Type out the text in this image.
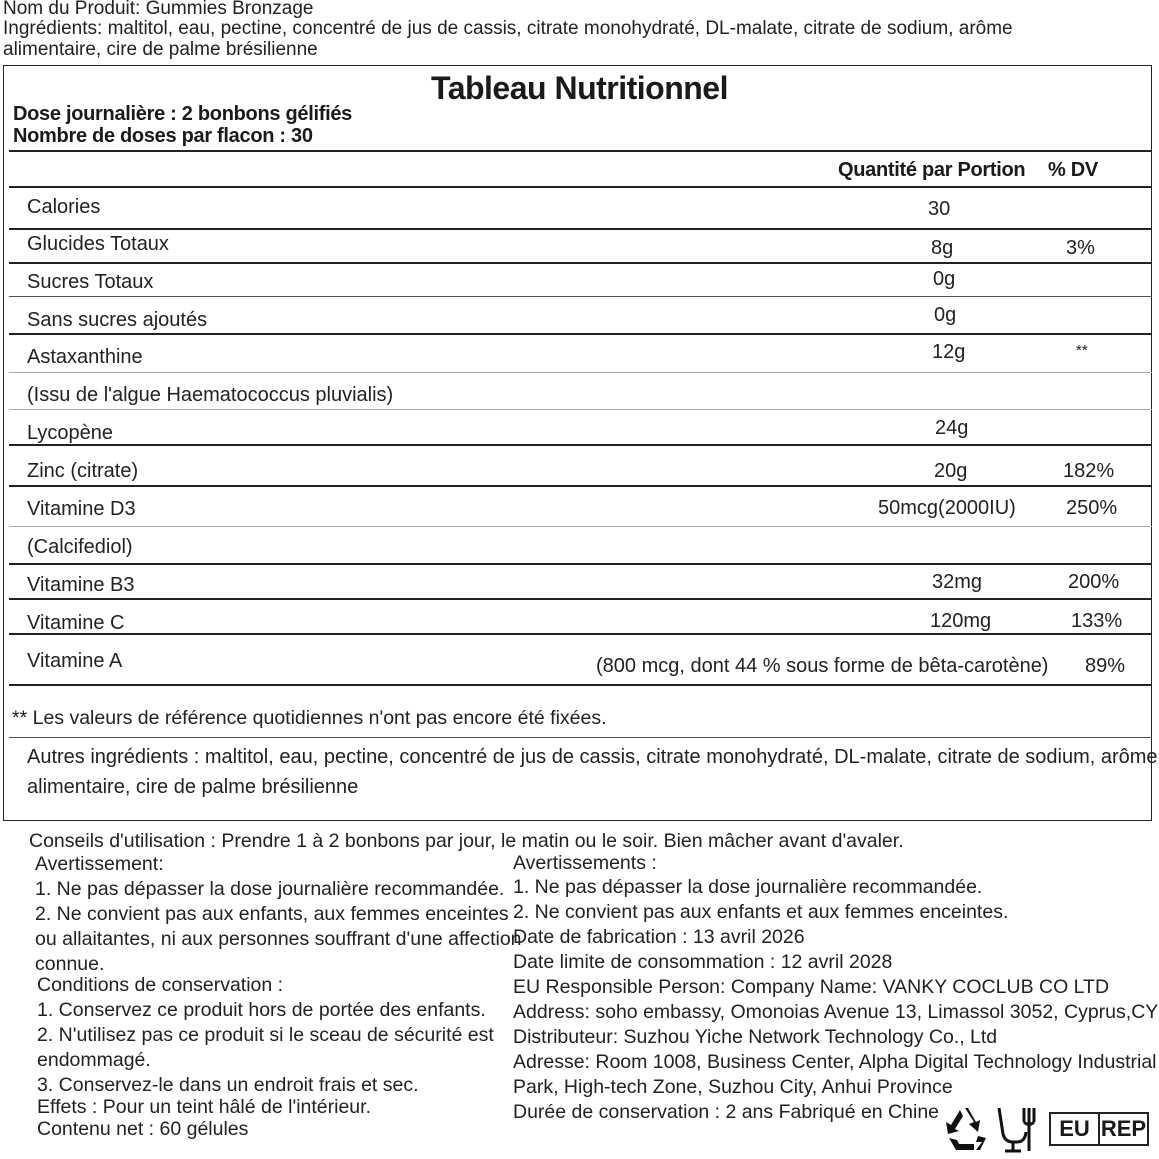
Nom du Produit: Gummies Bronzage
Ingrédients: maltitol, eau, pectine, concentré de jus de cassis, citrate monohydraté, DL-malate, citrate de sodium, arôme
alimentaire, cire de palme brésilienne
Tableau Nutritionnel
Dose journalière : 2 bonbons gélifiés
Nombre de doses par flacon : 30
Quantité par Portion % DV
Calories	30
Glucides Totaux	8g	3%
Sucres Totaux	0g
Sans sucres ajoutés	0g
Astaxanthine	12g	**
(Issu de l'algue Haematococcus pluvialis)
Lycopène	24g
Zinc (citrate)	20g	182%
Vitamine D3	50mcg(2000IU)	250%
(Calcifediol)
Vitamine B3	32mg	200%
Vitamine C	120mg	133%
Vitamine A	(800 mcg, dont 44 % sous forme de bêta-carotène) 89%
** Les valeurs de référence quotidiennes n'ont pas encore été fixées.
Autres ingrédients : maltitol, eau, pectine, concentré de jus de cassis, citrate monohydraté, DL-malate, citrate de sodium, arôme
alimentaire, cire de palme brésilienne
Conseils d'utilisation : Prendre 1 à 2 bonbons par jour, le matin ou le soir. Bien mâcher avant d'avaler.
Avertissement:
1. Ne pas dépasser la dose journalière recommandée.
2. Ne convient pas aux enfants, aux femmes enceintes
ou allaitantes, ni aux personnes souffrant d'une affection
connue.
Conditions de conservation :
1. Conservez ce produit hors de portée des enfants.
2. N'utilisez pas ce produit si le sceau de sécurité est
endommagé.
3. Conservez-le dans un endroit frais et sec.
Effets : Pour un teint hâlé de l'intérieur.
Contenu net : 60 gélules
Avertissements :
1. Ne pas dépasser la dose journalière recommandée.
2. Ne convient pas aux enfants et aux femmes enceintes.
Date de fabrication : 13 avril 2026
Date limite de consommation : 12 avril 2028
EU Responsible Person: Company Name: VANKY COCLUB CO LTD
Address: soho embassy, Omonoias Avenue 13, Limassol 3052, Cyprus,CY
Distributeur: Suzhou Yiche Network Technology Co., Ltd
Adresse: Room 1008, Business Center, Alpha Digital Technology Industrial
Park, High-tech Zone, Suzhou City, Anhui Province
Durée de conservation : 2 ans Fabriqué en Chine
EU REP
